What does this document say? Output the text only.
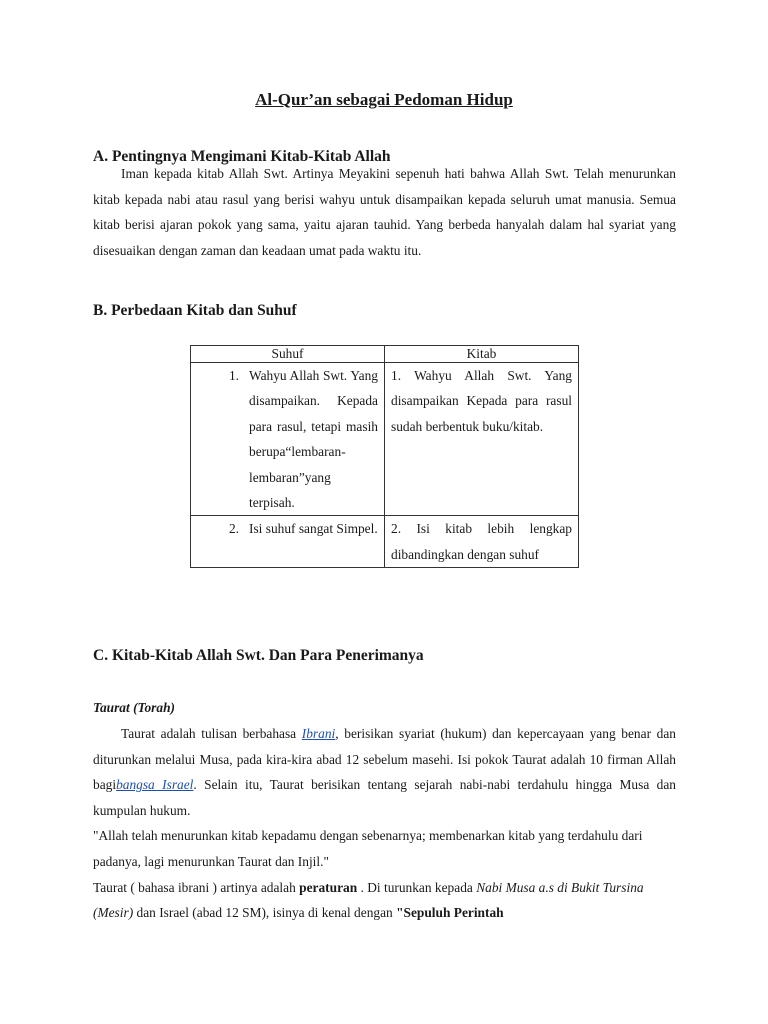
Al-Qur’an sebagai Pedoman Hidup
A. Pentingnya Mengimani Kitab-Kitab Allah
Iman kepada kitab Allah Swt. Artinya Meyakini sepenuh hati bahwa Allah Swt. Telah menurunkan kitab kepada nabi atau rasul yang berisi wahyu untuk disampaikan kepada seluruh umat manusia. Semua kitab berisi ajaran pokok yang sama, yaitu ajaran tauhid. Yang berbeda hanyalah dalam hal syariat yang disesuaikan dengan zaman dan keadaan umat pada waktu itu.
B. Perbedaan Kitab dan Suhuf
Suhuf	Kitab

1. Wahyu Allah Swt. Yang disampaikan. Kepada para rasul, tetapi masih berupa“lembaran-lembaran”yang terpisah.	1. Wahyu Allah Swt. Yang disampaikan Kepada para rasul sudah berbentuk buku/kitab.

2. Isi suhuf sangat Simpel.	2. Isi kitab lebih lengkap dibandingkan dengan suhuf
C. Kitab-Kitab Allah Swt. Dan Para Penerimanya
Taurat (Torah)
Taurat adalah tulisan berbahasa Ibrani, berisikan syariat (hukum) dan kepercayaan yang benar dan diturunkan melalui Musa, pada kira-kira abad 12 sebelum masehi. Isi pokok Taurat adalah 10 firman Allah bagibangsa Israel. Selain itu, Taurat berisikan tentang sejarah nabi-nabi terdahulu hingga Musa dan kumpulan hukum.
"Allah telah menurunkan kitab kepadamu dengan sebenarnya; membenarkan kitab yang terdahulu dari padanya, lagi menurunkan Taurat dan Injil."
Taurat ( bahasa ibrani ) artinya adalah peraturan . Di turunkan kepada Nabi Musa a.s di Bukit Tursina (Mesir) dan Israel (abad 12 SM), isinya di kenal dengan "Sepuluh Perintah
